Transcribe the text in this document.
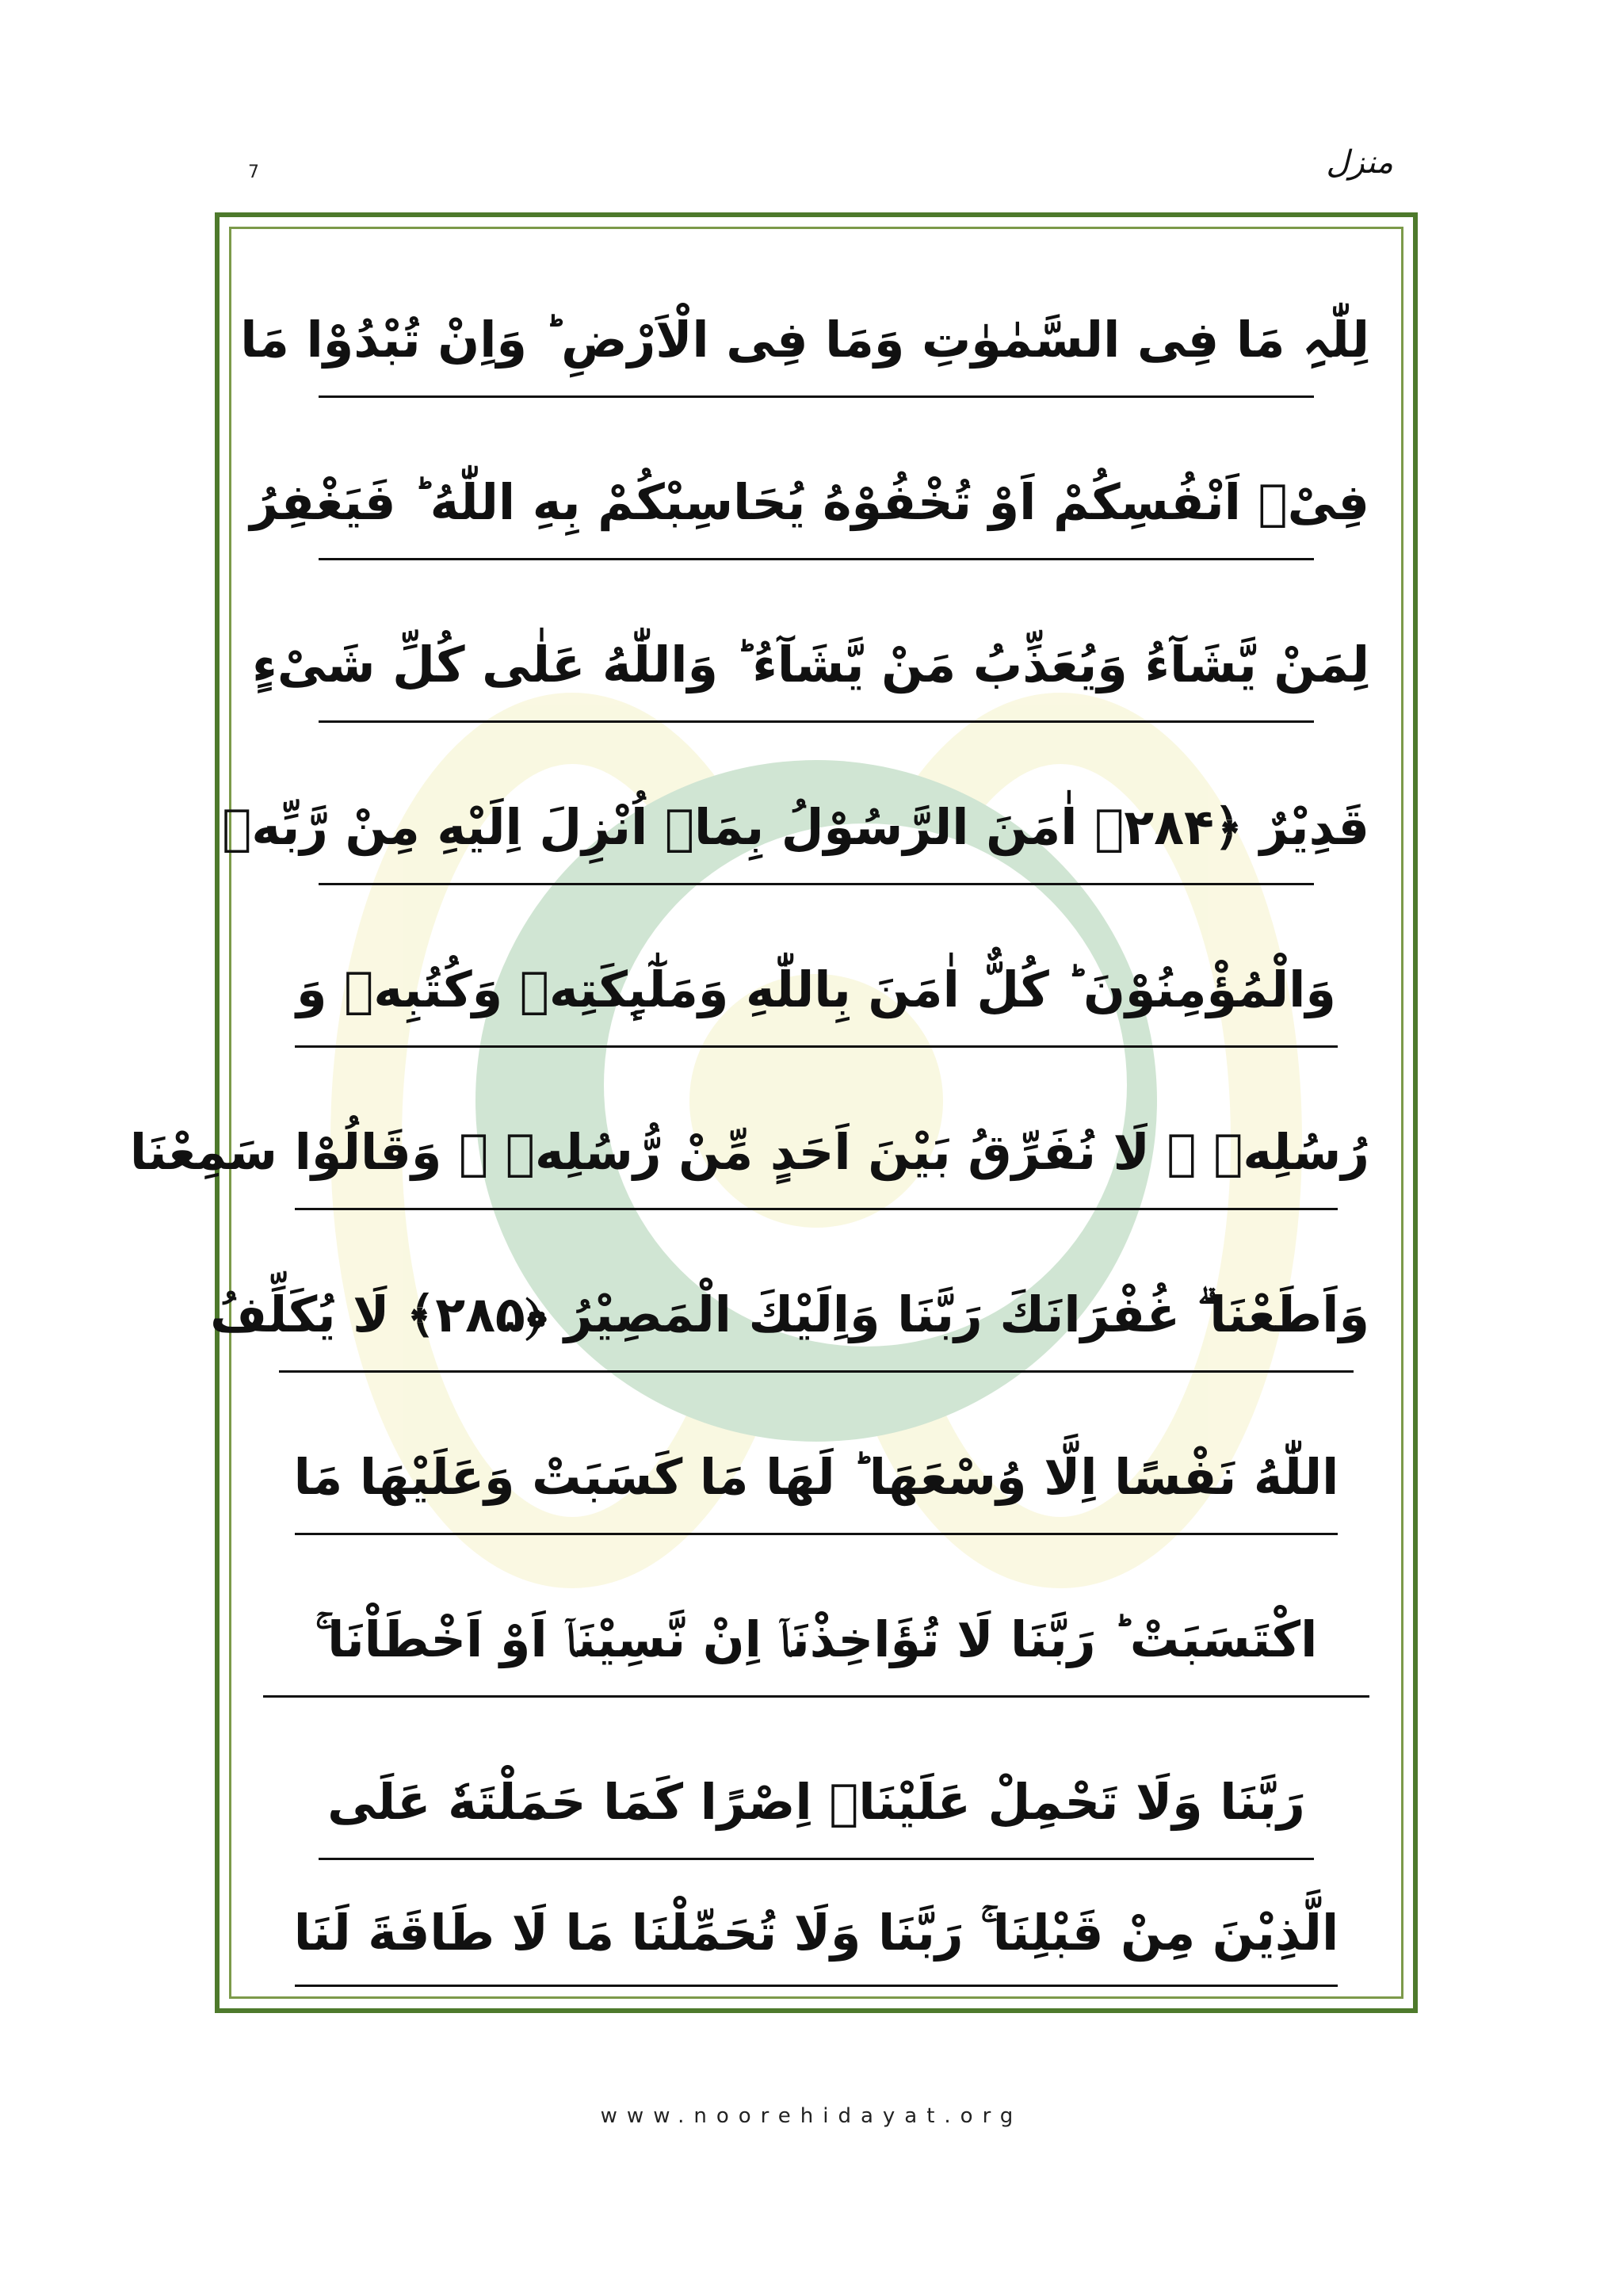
7	منزل
لِلّٰہِ مَا فِی السَّمٰوٰتِ وَمَا فِی الْاَرْضِ ؕ وَاِنْ تُبْدُوْا مَا
فِیْۤ اَنْفُسِكُمْ اَوْ تُخْفُوْهُ یُحَاسِبْكُمْ بِهِ اللّٰهُ ؕ فَیَغْفِرُ
لِمَنْ یَّشَآءُ وَیُعَذِّبُ مَنْ یَّشَآءُ ؕ وَاللّٰهُ عَلٰی كُلِّ شَیْءٍ
قَدِیْرٌ ﴿۲۸۴﴾ اٰمَنَ الرَّسُوْلُ بِمَاۤ اُنْزِلَ اِلَیْهِ مِنْ رَّبِّهٖ
وَالْمُؤْمِنُوْنَ ؕ كُلٌّ اٰمَنَ بِاللّٰهِ وَمَلٰٓىِٕكَتِهٖ وَكُتُبِهٖ وَ
رُسُلِهٖ ۟ لَا نُفَرِّقُ بَیْنَ اَحَدٍ مِّنْ رُّسُلِهٖ ۟ وَقَالُوْا سَمِعْنَا
وَاَطَعْنَا ۗ غُفْرَانَكَ رَبَّنَا وَاِلَیْكَ الْمَصِیْرُ ﴿۲۸۵﴾ لَا یُكَلِّفُ
اللّٰهُ نَفْسًا اِلَّا وُسْعَهَا ؕ لَهَا مَا كَسَبَتْ وَعَلَیْهَا مَا
اكْتَسَبَتْ ؕ رَبَّنَا لَا تُؤَاخِذْنَاۤ اِنْ نَّسِیْنَاۤ اَوْ اَخْطَاْنَا ۚ
رَبَّنَا وَلَا تَحْمِلْ عَلَیْنَاۤ اِصْرًا كَمَا حَمَلْتَهٗ عَلَی
الَّذِیْنَ مِنْ قَبْلِنَا ۚ رَبَّنَا وَلَا تُحَمِّلْنَا مَا لَا طَاقَةَ لَنَا
www.noorehidayat.org
